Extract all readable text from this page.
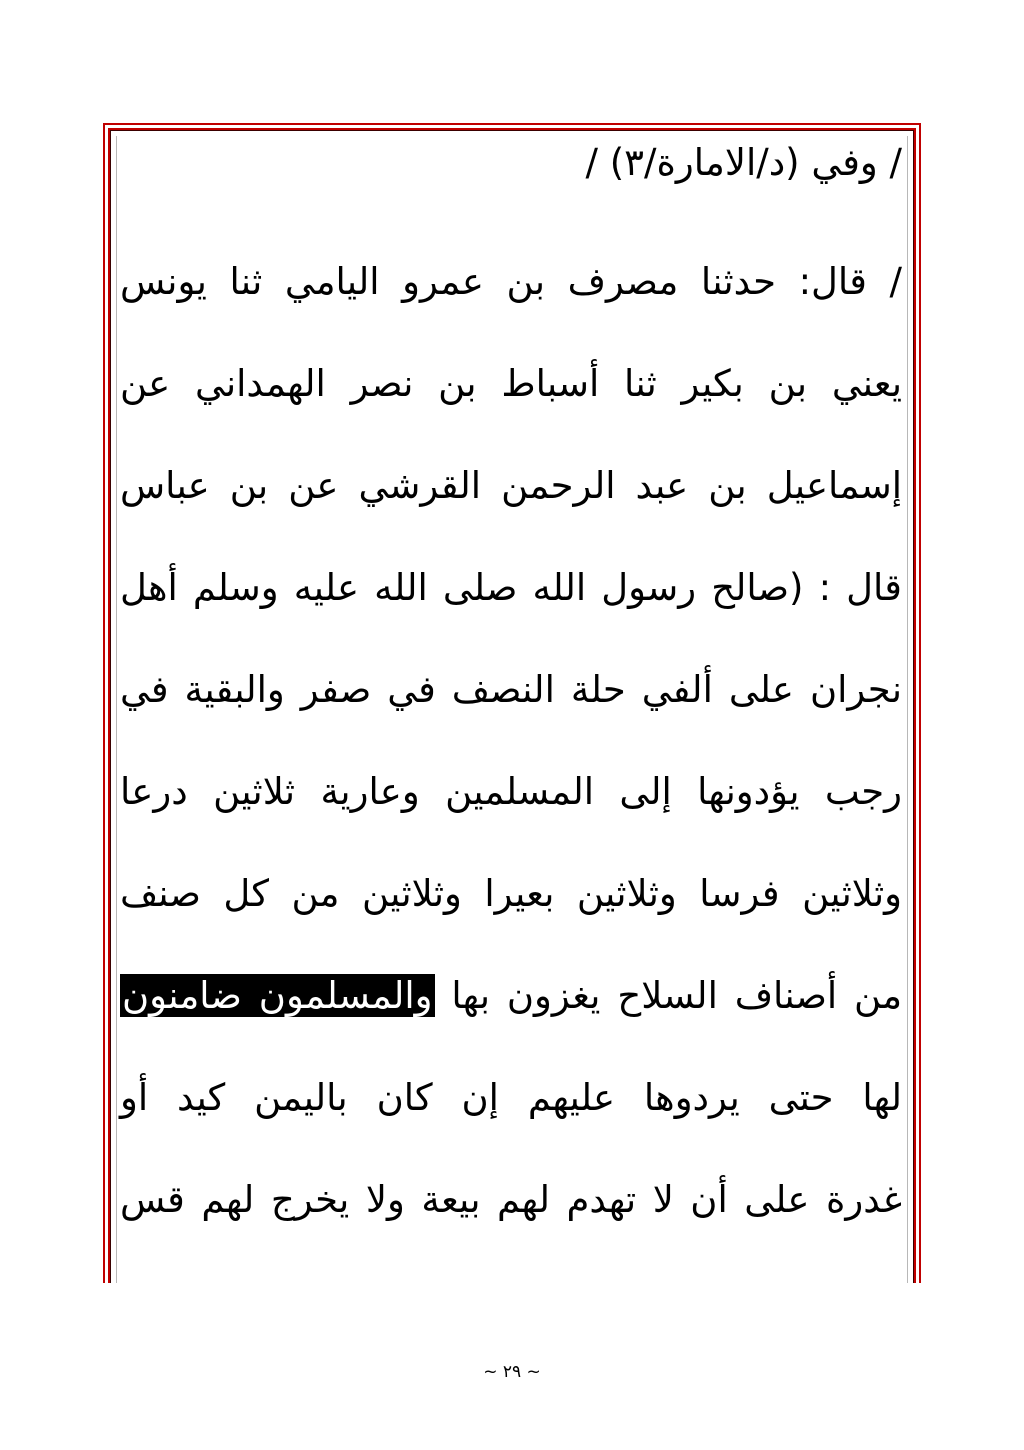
/ وفي (د/الامارة/٣) /
/ قال: حدثنا مصرف بن عمرو اليامي ثنا يونس
يعني بن بكير ثنا أسباط بن نصر الهمداني عن
إسماعيل بن عبد الرحمن القرشي عن بن عباس
قال : (صالح رسول الله صلى الله عليه وسلم أهل
نجران على ألفي حلة النصف في صفر والبقية في
رجب يؤدونها إلى المسلمين وعارية ثلاثين درعا
وثلاثين فرسا وثلاثين بعيرا وثلاثين من كل صنف
من أصناف السلاح يغزون بها والمسلمون ضامنون
لها حتى يردوها عليهم إن كان باليمن كيد أو
غدرة على أن لا تهدم لهم بيعة ولا يخرج لهم قس
~ ٢٩ ~
